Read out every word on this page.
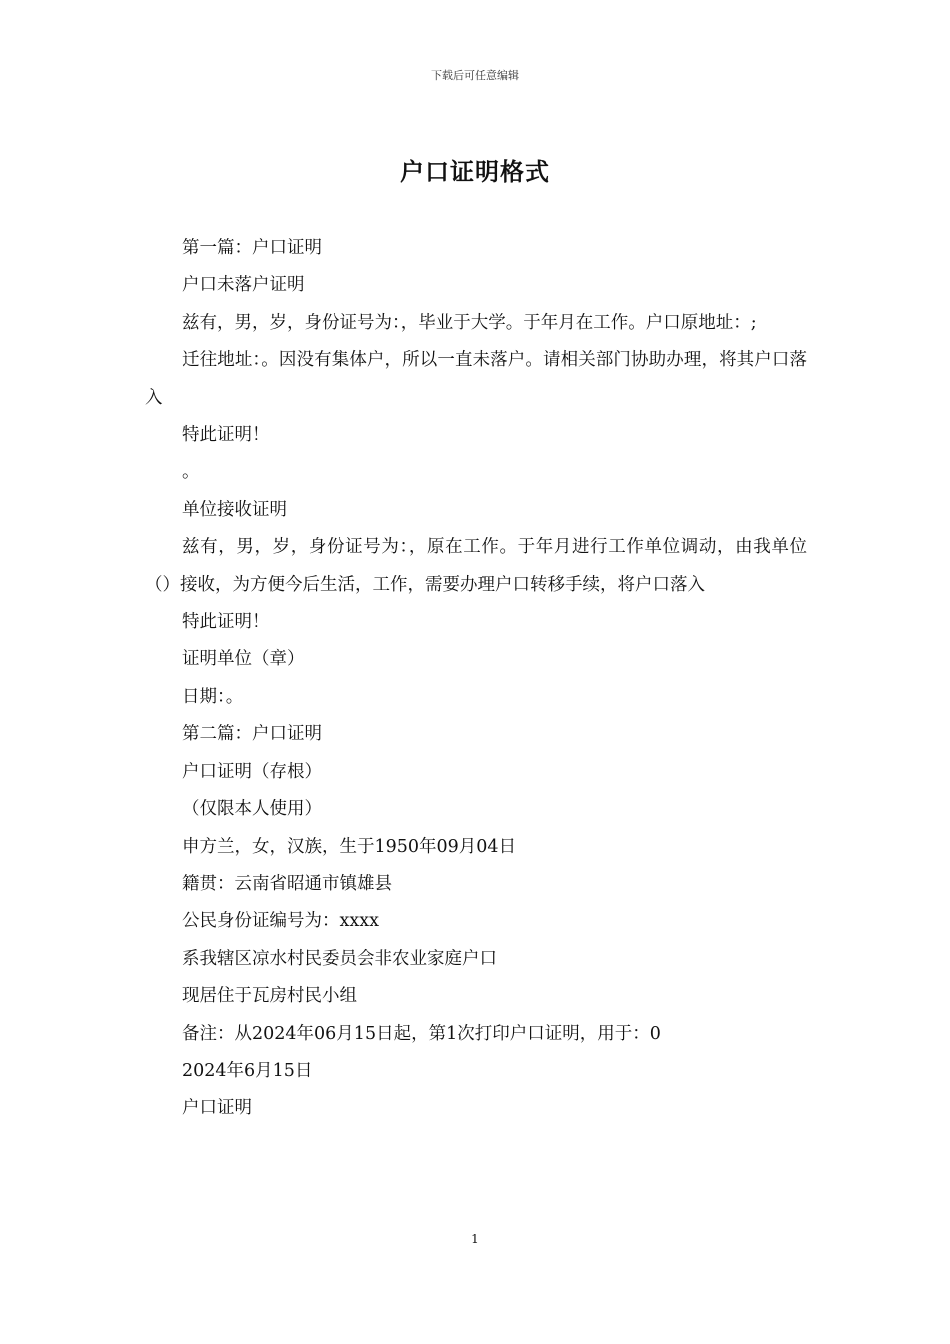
下载后可任意编辑
户口证明格式

第一篇：户口证明

户口未落户证明

兹有，男，岁，身份证号为：，毕业于大学。于年月在工作。户口原地址：;

迁往地址：。因没有集体户，所以一直未落户。请相关部门协助办理，将其户口落入

特此证明！

。

单位接收证明

兹有，男，岁，身份证号为：，原在工作。于年月进行工作单位调动，由我单位（）接收，为方便今后生活，工作，需要办理户口转移手续，将户口落入

特此证明！

证明单位（章）

日期：。

第二篇：户口证明

户口证明（存根）

（仅限本人使用）

申方兰，女，汉族，生于1950年09月04日

籍贯：云南省昭通市镇雄县

公民身份证编号为：xxxx

系我辖区凉水村民委员会非农业家庭户口

现居住于瓦房村民小组

备注：从2024年06月15日起，第1次打印户口证明，用于：0

2024年6月15日

户口证明

1
